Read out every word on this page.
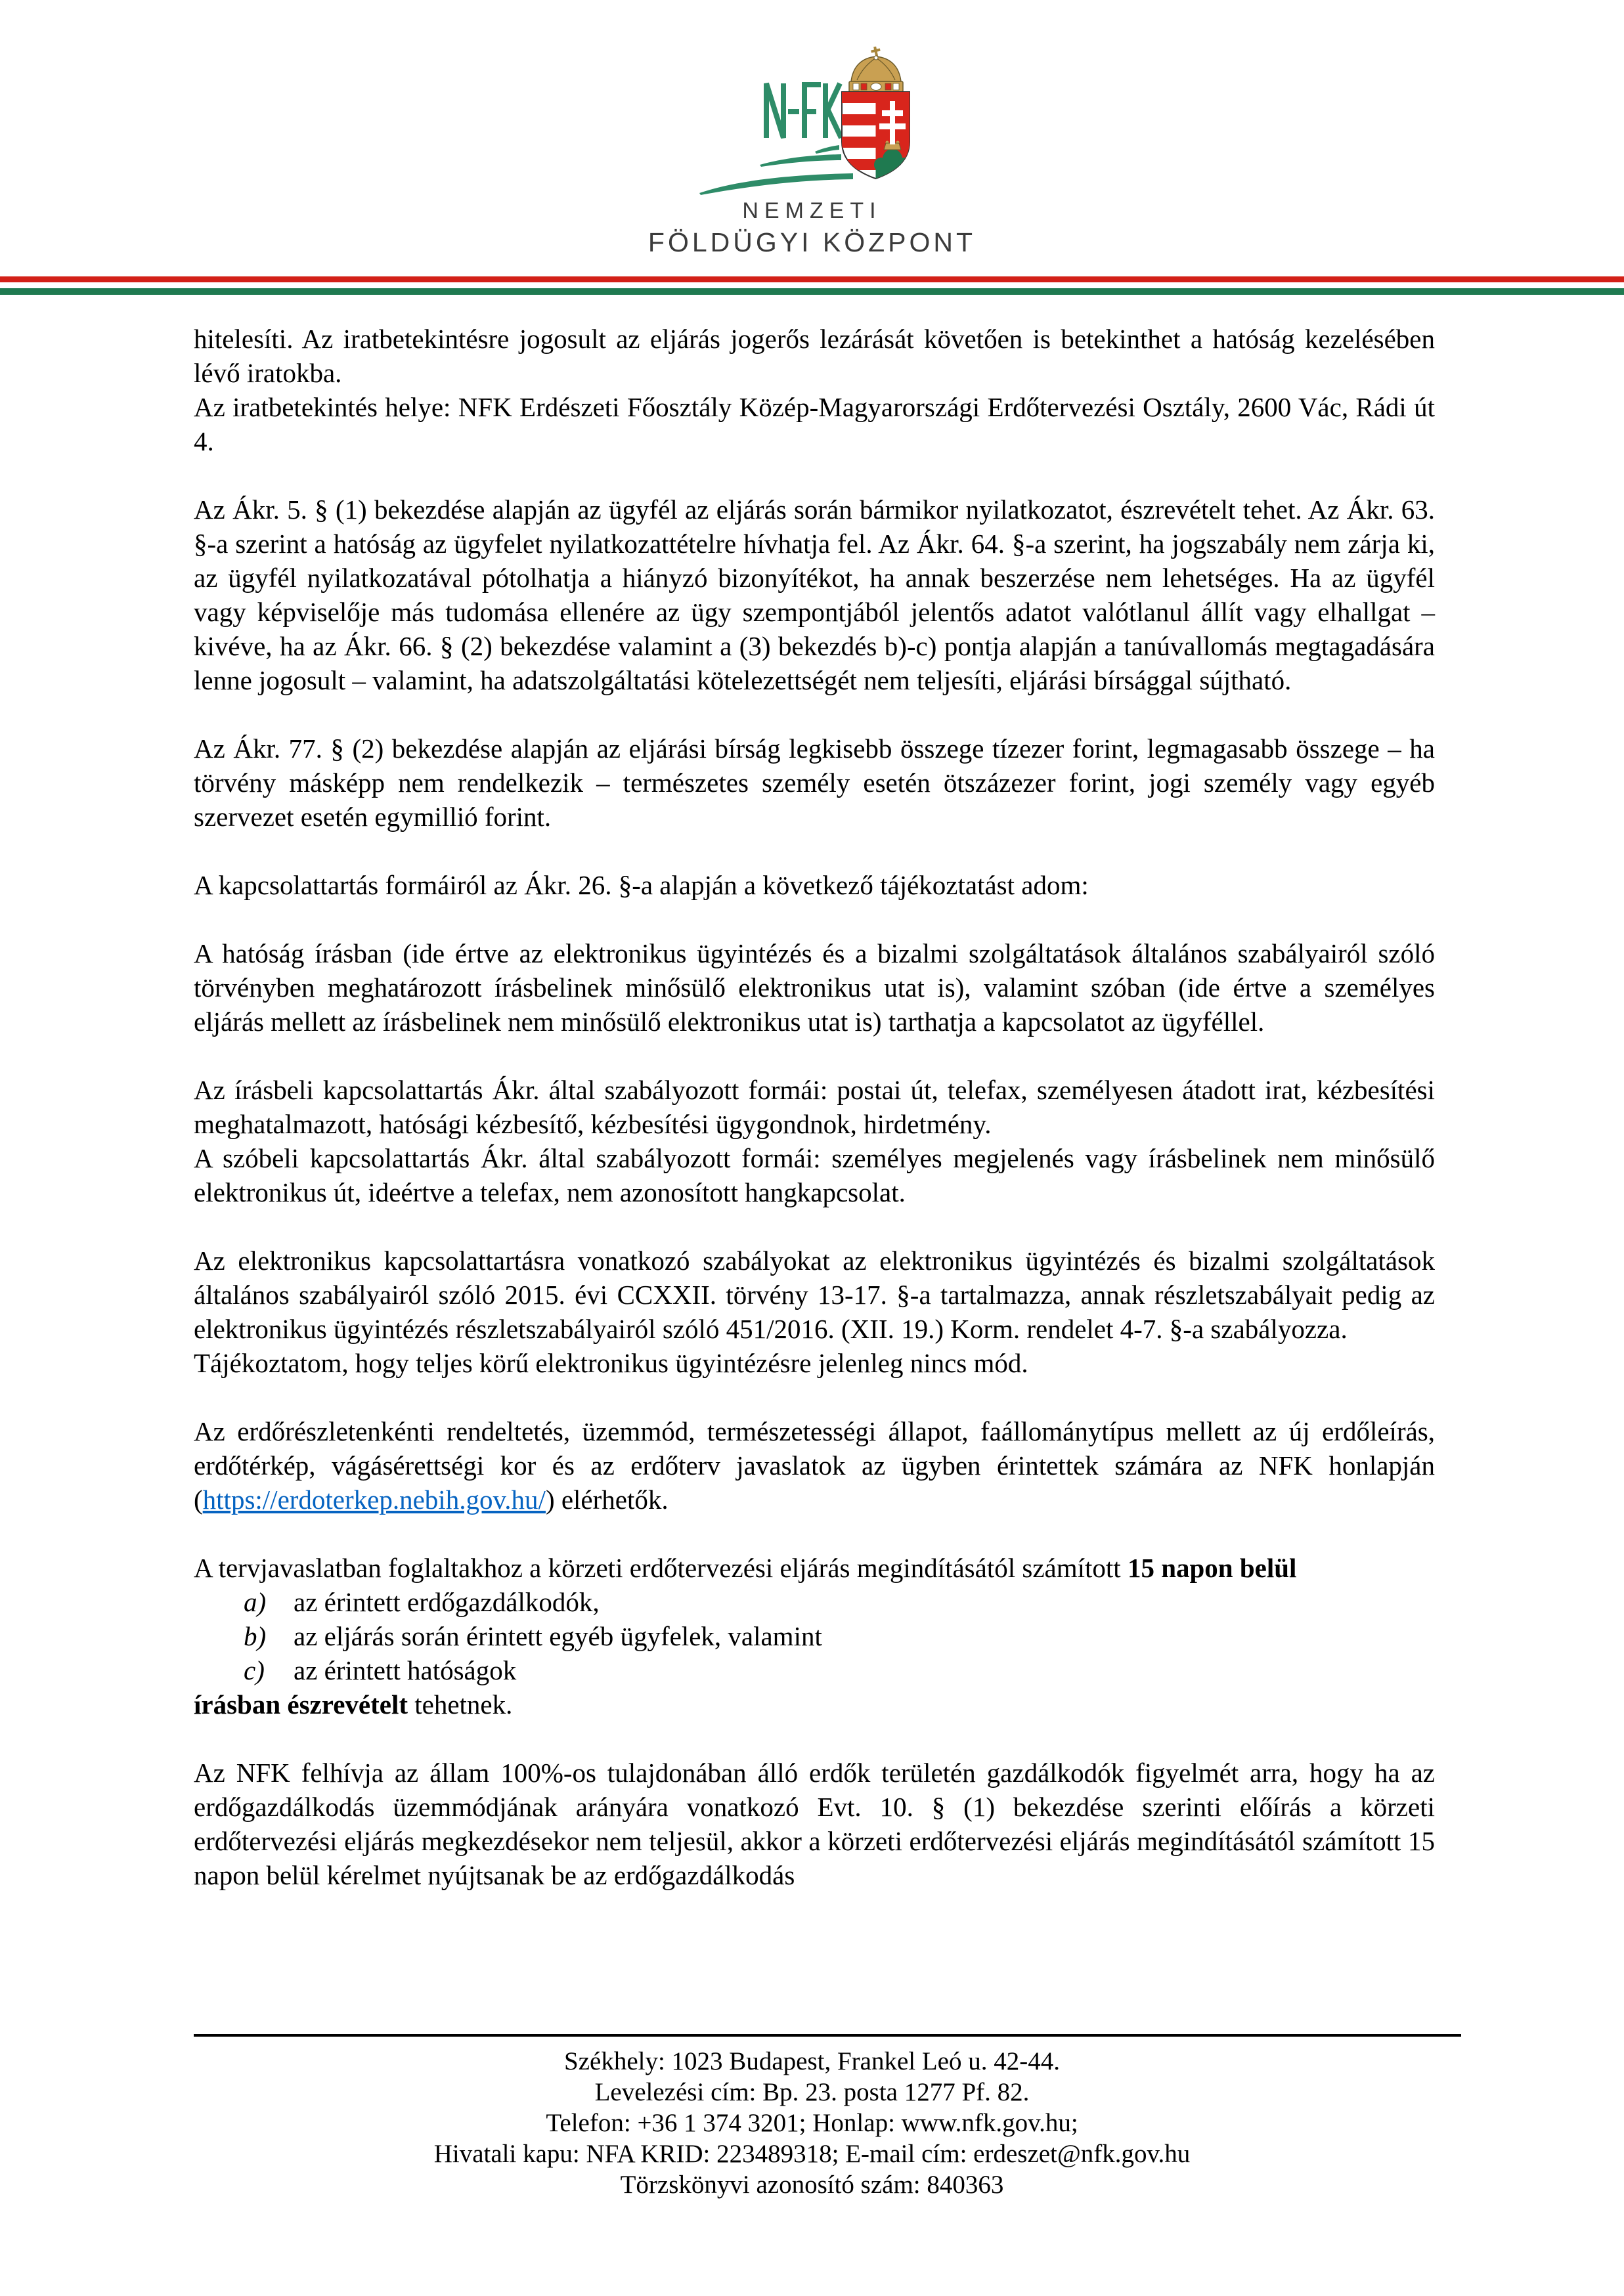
NEMZETI
FÖLDÜGYI KÖZPONT

hitelesíti. Az iratbetekintésre jogosult az eljárás jogerős lezárását követően is betekinthet a hatóság kezelésében lévő iratokba.
Az iratbetekintés helye: NFK Erdészeti Főosztály Közép-Magyarországi Erdőtervezési Osztály, 2600 Vác, Rádi út 4.

Az Ákr. 5. § (1) bekezdése alapján az ügyfél az eljárás során bármikor nyilatkozatot, észrevételt tehet. Az Ákr. 63. §-a szerint a hatóság az ügyfelet nyilatkozattételre hívhatja fel. Az Ákr. 64. §-a szerint, ha jogszabály nem zárja ki, az ügyfél nyilatkozatával pótolhatja a hiányzó bizonyítékot, ha annak beszerzése nem lehetséges. Ha az ügyfél vagy képviselője más tudomása ellenére az ügy szempontjából jelentős adatot valótlanul állít vagy elhallgat – kivéve, ha az Ákr. 66. § (2) bekezdése valamint a (3) bekezdés b)-c) pontja alapján a tanúvallomás megtagadására lenne jogosult – valamint, ha adatszolgáltatási kötelezettségét nem teljesíti, eljárási bírsággal sújtható.

Az Ákr. 77. § (2) bekezdése alapján az eljárási bírság legkisebb összege tízezer forint, legmagasabb összege – ha törvény másképp nem rendelkezik – természetes személy esetén ötszázezer forint, jogi személy vagy egyéb szervezet esetén egymillió forint.

A kapcsolattartás formáiról az Ákr. 26. §-a alapján a következő tájékoztatást adom:

A hatóság írásban (ide értve az elektronikus ügyintézés és a bizalmi szolgáltatások általános szabályairól szóló törvényben meghatározott írásbelinek minősülő elektronikus utat is), valamint szóban (ide értve a személyes eljárás mellett az írásbelinek nem minősülő elektronikus utat is) tarthatja a kapcsolatot az ügyféllel.

Az írásbeli kapcsolattartás Ákr. által szabályozott formái: postai út, telefax, személyesen átadott irat, kézbesítési meghatalmazott, hatósági kézbesítő, kézbesítési ügygondnok, hirdetmény.
A szóbeli kapcsolattartás Ákr. által szabályozott formái: személyes megjelenés vagy írásbelinek nem minősülő elektronikus út, ideértve a telefax, nem azonosított hangkapcsolat.

Az elektronikus kapcsolattartásra vonatkozó szabályokat az elektronikus ügyintézés és bizalmi szolgáltatások általános szabályairól szóló 2015. évi CCXXII. törvény 13-17. §-a tartalmazza, annak részletszabályait pedig az elektronikus ügyintézés részletszabályairól szóló 451/2016. (XII. 19.) Korm. rendelet 4-7. §-a szabályozza.
Tájékoztatom, hogy teljes körű elektronikus ügyintézésre jelenleg nincs mód.

Az erdőrészletenkénti rendeltetés, üzemmód, természetességi állapot, faállománytípus mellett az új erdőleírás, erdőtérkép, vágásérettségi kor és az erdőterv javaslatok az ügyben érintettek számára az NFK honlapján (https://erdoterkep.nebih.gov.hu/) elérhetők.

A tervjavaslatban foglaltakhoz a körzeti erdőtervezési eljárás megindításától számított 15 napon belül
a) az érintett erdőgazdálkodók,
b) az eljárás során érintett egyéb ügyfelek, valamint
c) az érintett hatóságok
írásban észrevételt tehetnek.

Az NFK felhívja az állam 100%-os tulajdonában álló erdők területén gazdálkodók figyelmét arra, hogy ha az erdőgazdálkodás üzemmódjának arányára vonatkozó Evt. 10. § (1) bekezdése szerinti előírás a körzeti erdőtervezési eljárás megkezdésekor nem teljesül, akkor a körzeti erdőtervezési eljárás megindításától számított 15 napon belül kérelmet nyújtsanak be az erdőgazdálkodás

Székhely: 1023 Budapest, Frankel Leó u. 42-44.
Levelezési cím: Bp. 23. posta 1277 Pf. 82.
Telefon: +36 1 374 3201; Honlap: www.nfk.gov.hu;
Hivatali kapu: NFA KRID: 223489318; E-mail cím: erdeszet@nfk.gov.hu
Törzskönyvi azonosító szám: 840363
